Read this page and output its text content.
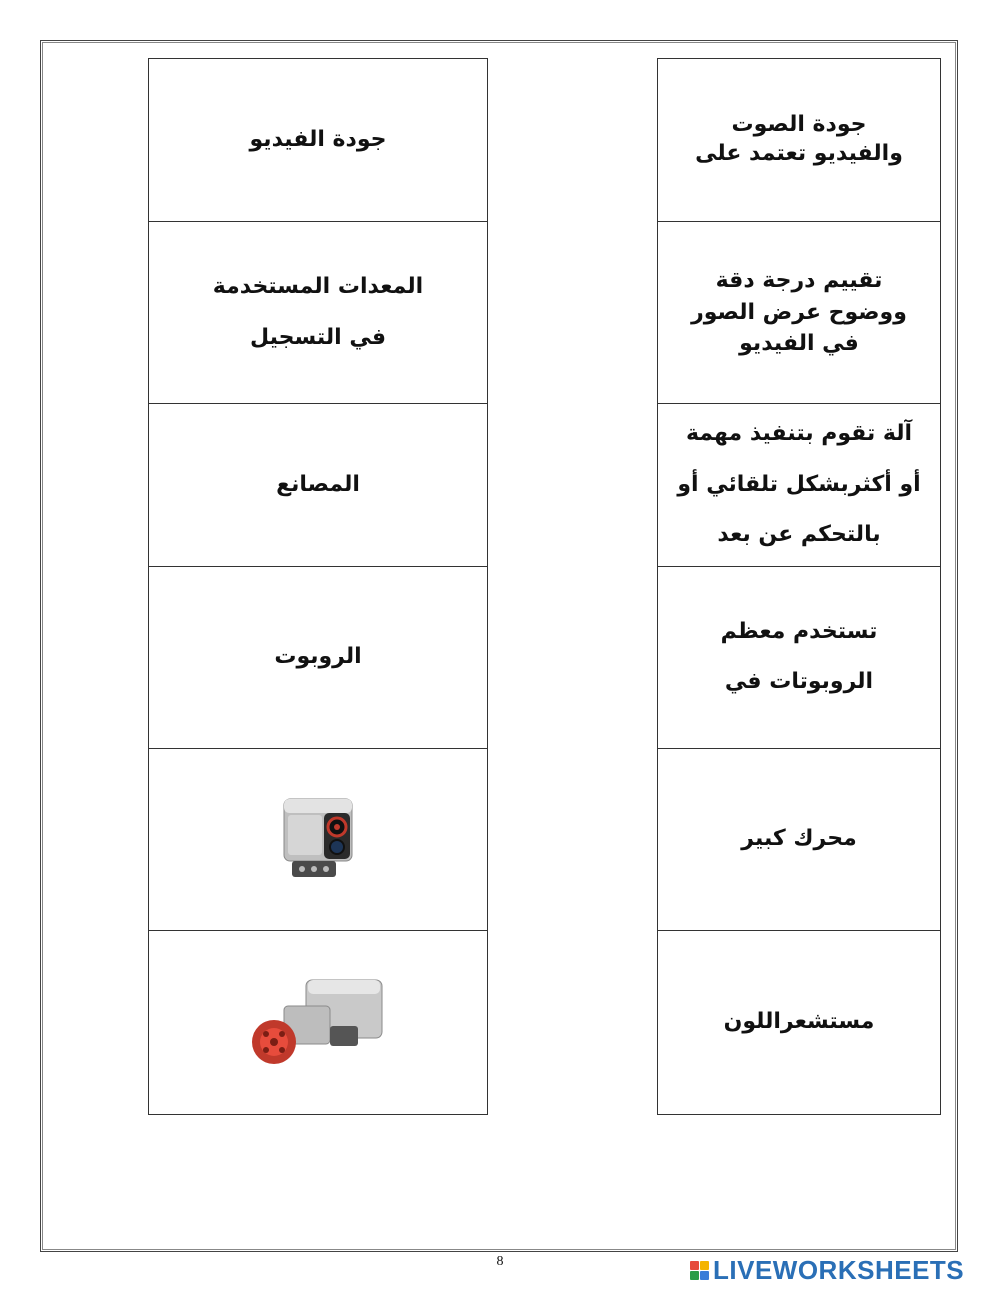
جودة الفيديو
المعدات المستخدمة في التسجيل
المصانع
الروبوت
جودة الصوت والفيديو تعتمد على
تقييم درجة دقة ووضوح عرض الصور في الفيديو
آلة تقوم بتنفيذ مهمة أو أكثربشكل تلقائي أو بالتحكم عن بعد
تستخدم معظم الروبوتات في
محرك كبير
مستشعراللون
8	LIVEWORKSHEETS
